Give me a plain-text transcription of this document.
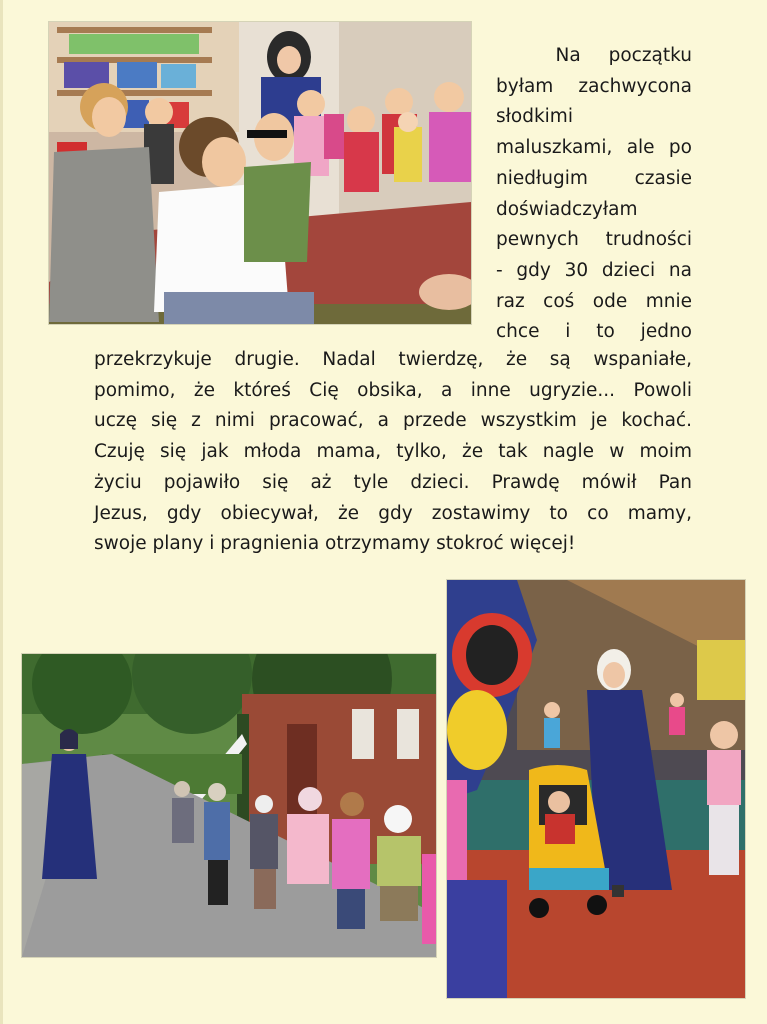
Na początku
byłam zachwycona
słodkimi
maluszkami, ale po
niedługim czasie
doświadczyłam
pewnych trudności
- gdy 30 dzieci na
raz coś ode mnie
chce i to jedno
przekrzykuje drugie. Nadal twierdzę, że są wspaniałe,
pomimo, że któreś Cię obsika, a inne ugryzie... Powoli
uczę się z nimi pracować, a przede wszystkim je kochać.
Czuję się jak młoda mama, tylko, że tak nagle w moim
życiu pojawiło się aż tyle dzieci. Prawdę mówił Pan
Jezus, gdy obiecywał, że gdy zostawimy to co mamy,
swoje plany i pragnienia otrzymamy stokroć więcej!
